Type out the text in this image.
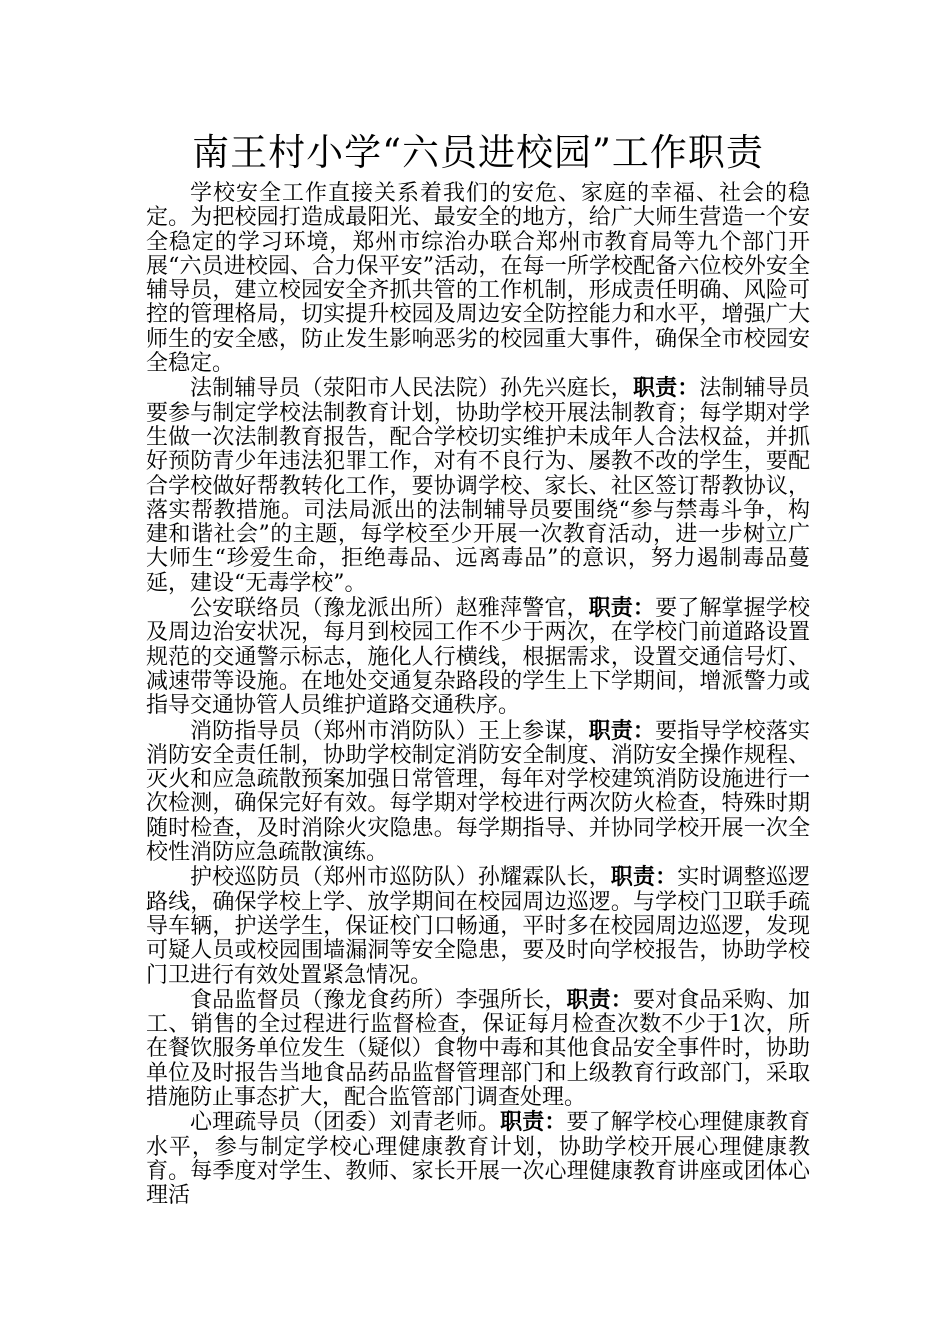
南王村小学“六员进校园”工作职责

学校安全工作直接关系着我们的安危、家庭的幸福、社会的稳定。为把校园打造成最阳光、最安全的地方，给广大师生营造一个安全稳定的学习环境，郑州市综治办联合郑州市教育局等九个部门开展“六员进校园、合力保平安”活动，在每一所学校配备六位校外安全辅导员，建立校园安全齐抓共管的工作机制，形成责任明确、风险可控的管理格局，切实提升校园及周边安全防控能力和水平，增强广大师生的安全感，防止发生影响恶劣的校园重大事件，确保全市校园安全稳定。

法制辅导员（荥阳市人民法院）孙先兴庭长，职责：法制辅导员要参与制定学校法制教育计划，协助学校开展法制教育；每学期对学生做一次法制教育报告，配合学校切实维护未成年人合法权益，并抓好预防青少年违法犯罪工作，对有不良行为、屡教不改的学生，要配合学校做好帮教转化工作，要协调学校、家长、社区签订帮教协议，落实帮教措施。司法局派出的法制辅导员要围绕“参与禁毒斗争，构建和谐社会”的主题，每学校至少开展一次教育活动，进一步树立广大师生“珍爱生命，拒绝毒品、远离毒品”的意识，努力遏制毒品蔓延，建设“无毒学校”。

公安联络员（豫龙派出所）赵雅萍警官，职责：要了解掌握学校及周边治安状况，每月到校园工作不少于两次，在学校门前道路设置规范的交通警示标志，施化人行横线，根据需求，设置交通信号灯、减速带等设施。在地处交通复杂路段的学生上下学期间，增派警力或指导交通协管人员维护道路交通秩序。

消防指导员（郑州市消防队）王上参谋，职责：要指导学校落实消防安全责任制，协助学校制定消防安全制度、消防安全操作规程、灭火和应急疏散预案加强日常管理，每年对学校建筑消防设施进行一次检测，确保完好有效。每学期对学校进行两次防火检查，特殊时期随时检查，及时消除火灾隐患。每学期指导、并协同学校开展一次全校性消防应急疏散演练。

护校巡防员（郑州市巡防队）孙耀霖队长，职责：实时调整巡逻路线，确保学校上学、放学期间在校园周边巡逻。与学校门卫联手疏导车辆，护送学生，保证校门口畅通，平时多在校园周边巡逻，发现可疑人员或校园围墙漏洞等安全隐患，要及时向学校报告，协助学校门卫进行有效处置紧急情况。

食品监督员（豫龙食药所）李强所长，职责：要对食品采购、加工、销售的全过程进行监督检查，保证每月检查次数不少于1次，所在餐饮服务单位发生（疑似）食物中毒和其他食品安全事件时，协助单位及时报告当地食品药品监督管理部门和上级教育行政部门，采取措施防止事态扩大，配合监管部门调查处理。

心理疏导员（团委）刘青老师。职责：要了解学校心理健康教育水平，参与制定学校心理健康教育计划，协助学校开展心理健康教育。每季度对学生、教师、家长开展一次心理健康教育讲座或团体心理活
